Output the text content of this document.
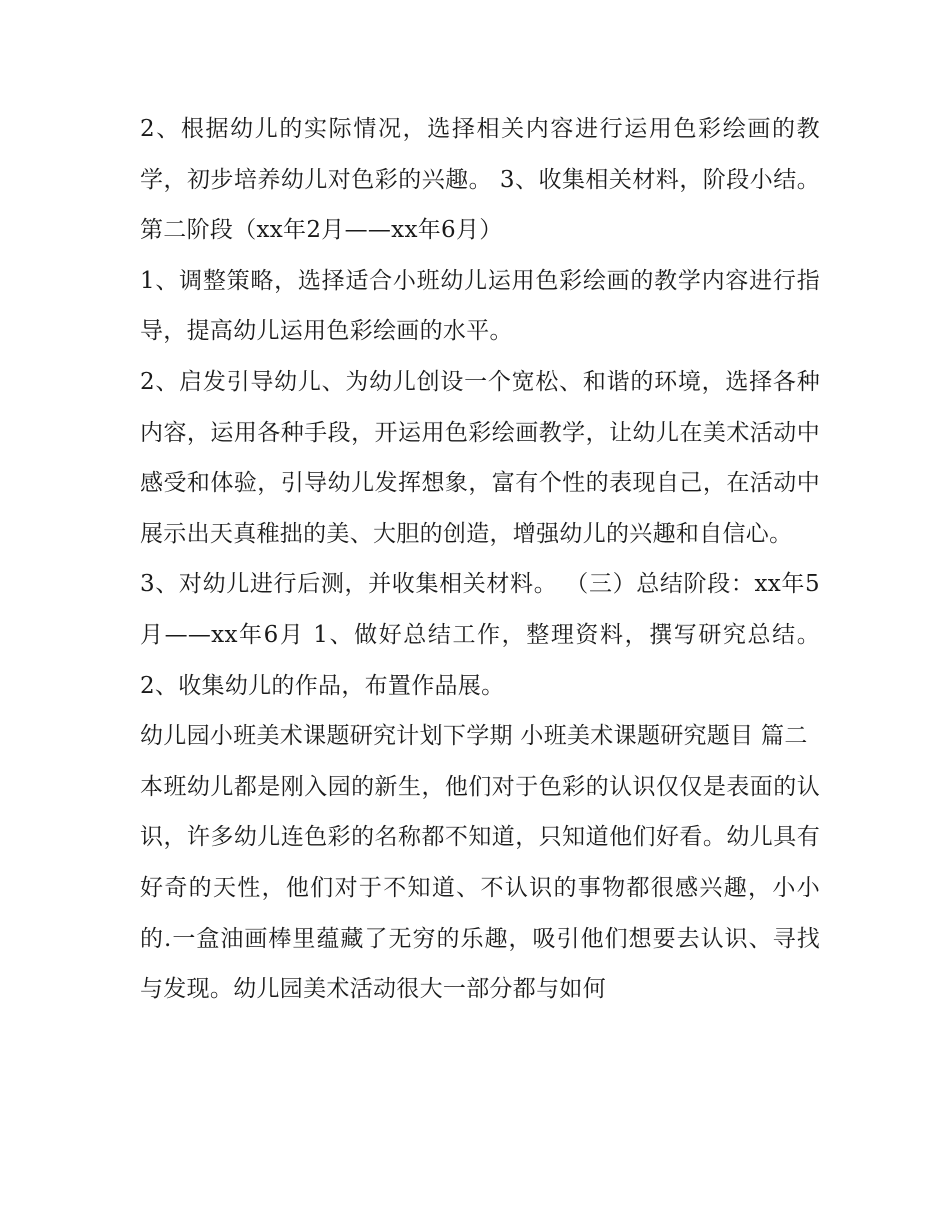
2、根据幼儿的实际情况，选择相关内容进行运用色彩绘画的教学，初步培养幼儿对色彩的兴趣。 3、收集相关材料，阶段小结。 第二阶段（xx年2月——xx年6月）

1、调整策略，选择适合小班幼儿运用色彩绘画的教学内容进行指导，提高幼儿运用色彩绘画的水平。

2、启发引导幼儿、为幼儿创设一个宽松、和谐的环境，选择各种内容，运用各种手段，开运用色彩绘画教学，让幼儿在美术活动中感受和体验，引导幼儿发挥想象，富有个性的表现自己，在活动中展示出天真稚拙的美、大胆的创造，增强幼儿的兴趣和自信心。

3、对幼儿进行后测，并收集相关材料。 （三）总结阶段：xx年5月——xx年6月 1、做好总结工作，整理资料，撰写研究总结。 2、收集幼儿的作品，布置作品展。

幼儿园小班美术课题研究计划下学期 小班美术课题研究题目 篇二

本班幼儿都是刚入园的新生，他们对于色彩的认识仅仅是表面的认识，许多幼儿连色彩的名称都不知道，只知道他们好看。幼儿具有好奇的天性，他们对于不知道、不认识的事物都很感兴趣，小小的.一盒油画棒里蕴藏了无穷的乐趣，吸引他们想要去认识、寻找与发现。幼儿园美术活动很大一部分都与如何
